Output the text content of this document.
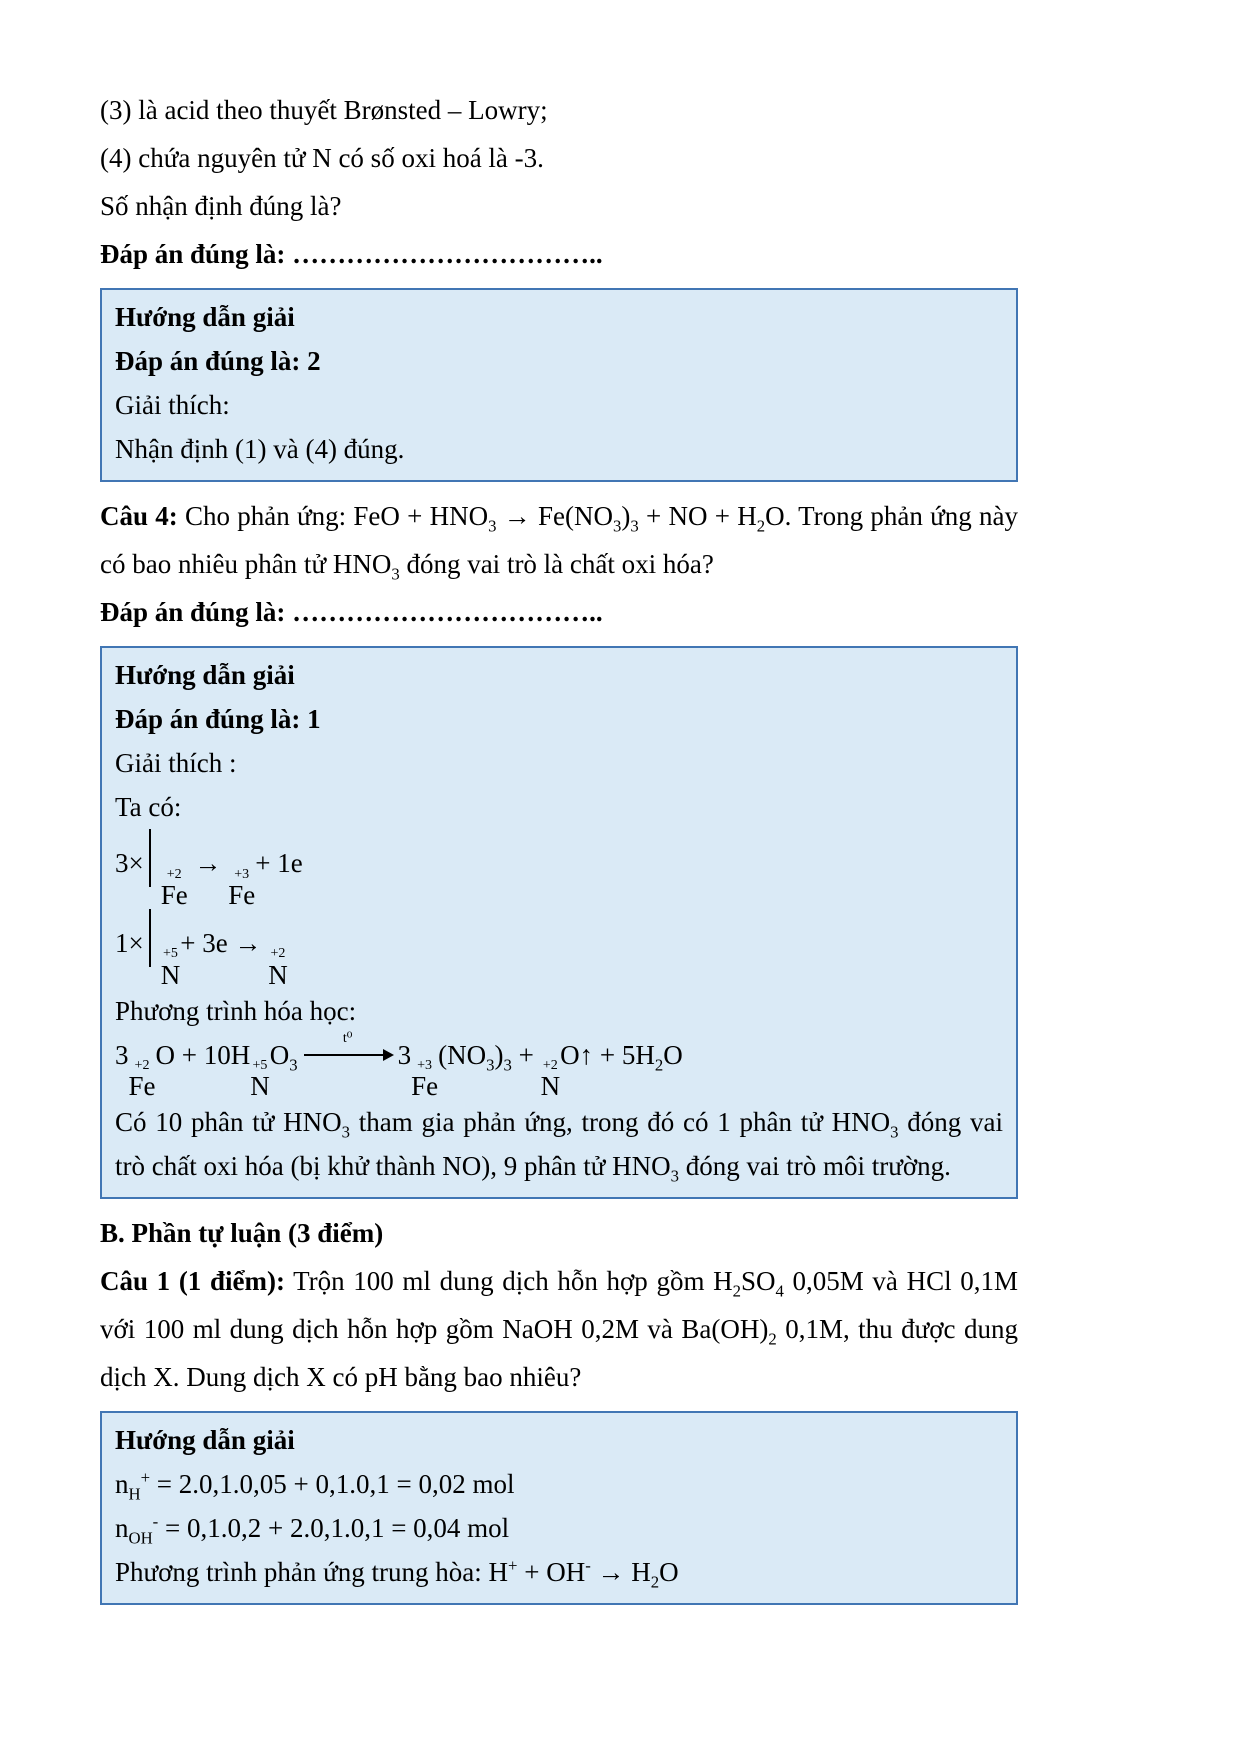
(3) là acid theo thuyết Brønsted – Lowry;

(4) chứa nguyên tử N có số oxi hoá là -3.

Số nhận định đúng là?

Đáp án đúng là: ……………………………..

Hướng dẫn giải

Đáp án đúng là: 2

Giải thích:

Nhận định (1) và (4) đúng.

Câu 4: Cho phản ứng: FeO + $HNO_3 \to Fe(NO_3)_3$ + NO + $H_2O$. Trong phản ứng này có bao nhiêu phân tử $HNO_3$ đóng vai trò là chất oxi hóa?

Đáp án đúng là: ……………………………..

Hướng dẫn giải

Đáp án đúng là: 1

Giải thích :

Ta có:

3× +2
Fe
→ +3
Fe
+ 1e

1× +5
N
+ 3e → +2
N

Phương trình hóa học:

3 +2
Fe
O + 10H +5
N
$O_3$
t⁰
3 +3
Fe
$(NO_3)_3 + +2$
N
O↑ + $5H_2O$

Có 10 phân tử $HNO_3$ tham gia phản ứng, trong đó có 1 phân tử $HNO_3$ đóng vai trò chất oxi hóa (bị khử thành NO), 9 phân tử $HNO_3$ đóng vai trò môi trường.

B. Phần tự luận (3 điểm)

Câu 1 (1 điểm): Trộn 100 ml dung dịch hỗn hợp gồm $H_2SO_4$ 0,05M và HCl 0,1M với 100 ml dung dịch hỗn hợp gồm NaOH 0,2M và $Ba(OH)_2$ 0,1M, thu được dung dịch X. Dung dịch X có pH bằng bao nhiêu?

Hướng dẫn giải

$n_H^+ = 2.0,1.0,05 + 0,1.0,1 = 0,02$ mol

$n_{OH}^- = 0,1.0,2 + 2.0,1.0,1 = 0,04$ mol

Phương trình phản ứng trung hòa: $H^+ + OH^- \to H_2O$
